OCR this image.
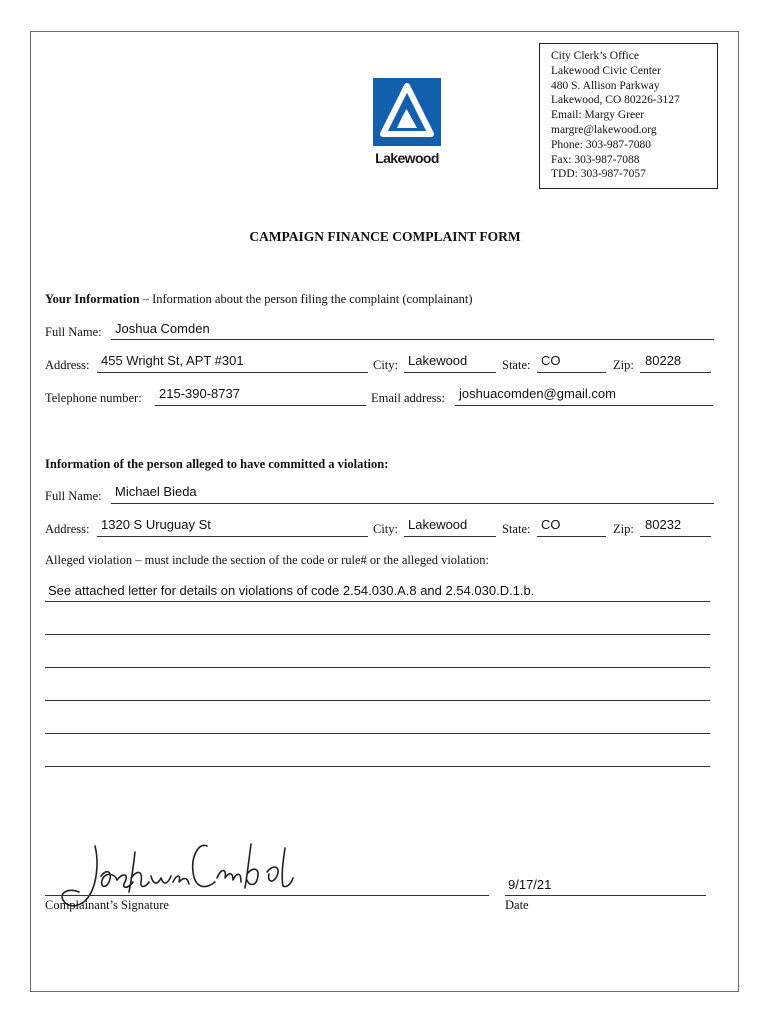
Lakewood
City Clerk’s Office
Lakewood Civic Center
480 S. Allison Parkway
Lakewood, CO 80226-3127
Email: Margy Greer
margre@lakewood.org
Phone: 303-987-7080
Fax: 303-987-7088
TDD: 303-987-7057
CAMPAIGN FINANCE COMPLAINT FORM
Your Information – Information about the person filing the complaint (complainant)
Full Name: Joshua Comden
Address: 455 Wright St, APT #301	City: Lakewood	State: CO	Zip: 80228
Telephone number: 215-390-8737	Email address: joshuacomden@gmail.com
Information of the person alleged to have committed a violation:
Full Name: Michael Bieda
Address: 1320 S Uruguay St	City: Lakewood	State: CO	Zip: 80232
Alleged violation – must include the section of the code or rule# or the alleged violation:
See attached letter for details on violations of code 2.54.030.A.8 and 2.54.030.D.1.b.
Complainant’s Signature
9/17/21
Date
